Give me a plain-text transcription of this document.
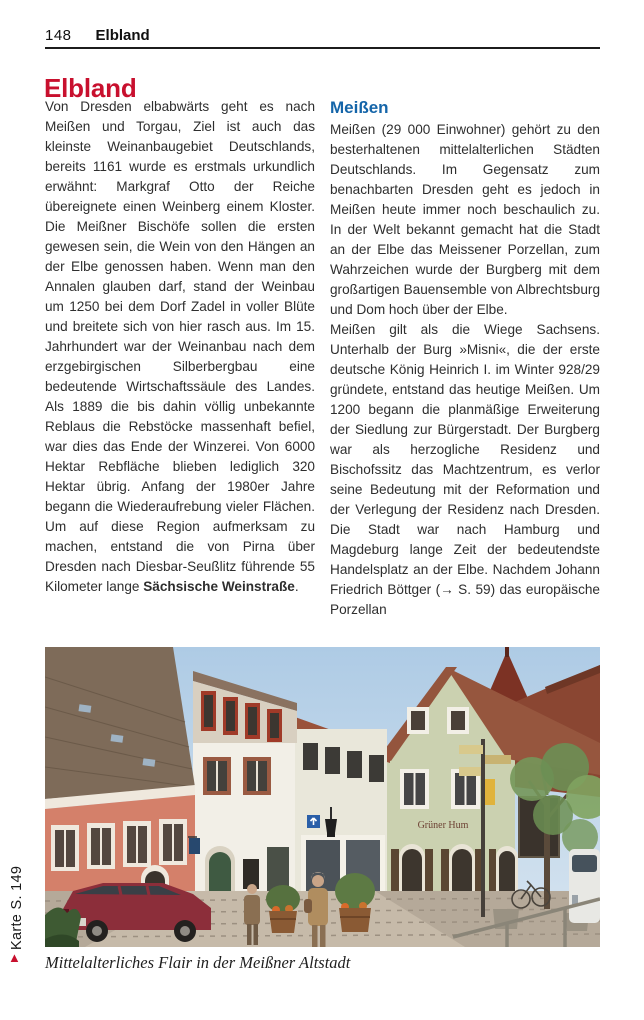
148 Elbland
Elbland

Von Dresden elbabwärts geht es nach Meißen und Torgau, Ziel ist auch das kleinste Weinanbaugebiet Deutschlands, bereits 1161 wurde es erstmals urkundlich erwähnt: Markgraf Otto der Reiche übereignete einen Weinberg einem Kloster. Die Meißner Bischöfe sollen die ersten gewesen sein, die Wein von den Hängen an der Elbe genossen haben. Wenn man den Annalen glauben darf, stand der Weinbau um 1250 bei dem Dorf Zadel in voller Blüte und breitete sich von hier rasch aus. Im 15. Jahrhundert war der Weinanbau nach dem erzgebirgischen Silberbergbau eine bedeutende Wirtschaftssäule des Landes. Als 1889 die bis dahin völlig unbekannte Reblaus die Rebstöcke massenhaft befiel, war dies das Ende der Winzerei. Von 6000 Hektar Rebfläche blieben lediglich 320 Hektar übrig. Anfang der 1980er Jahre begann die Wiederaufrebung vieler Flächen. Um auf diese Region aufmerksam zu machen, entstand die von Pirna über Dresden nach Diesbar-Seußlitz führende 55 Kilometer lange Sächsische Weinstraße.

Meißen

Meißen (29 000 Einwohner) gehört zu den besterhaltenen mittelalterlichen Städten Deutschlands. Im Gegensatz zum benachbarten Dresden geht es jedoch in Meißen heute immer noch beschaulich zu. In der Welt bekannt gemacht hat die Stadt an der Elbe das Meissener Porzellan, zum Wahrzeichen wurde der Burgberg mit dem großartigen Bauensemble von Albrechtsburg und Dom hoch über der Elbe.

Meißen gilt als die Wiege Sachsens. Unterhalb der Burg »Misni«, die der erste deutsche König Heinrich I. im Winter 928/29 gründete, entstand das heutige Meißen. Um 1200 begann die planmäßige Erweiterung der Siedlung zur Bürgerstadt. Der Burgberg war als herzogliche Residenz und Bischofssitz das Machtzentrum, es verlor seine Bedeutung mit der Reformation und der Verlegung der Residenz nach Dresden. Die Stadt war nach Hamburg und Magdeburg lange Zeit der bedeutendste Handelsplatz an der Elbe. Nachdem Johann Friedrich Böttger (→ S. 59) das europäische Porzellan

▲
Karte S. 149
Grüner Hum
Mittelalterliches Flair in der Meißner Altstadt
